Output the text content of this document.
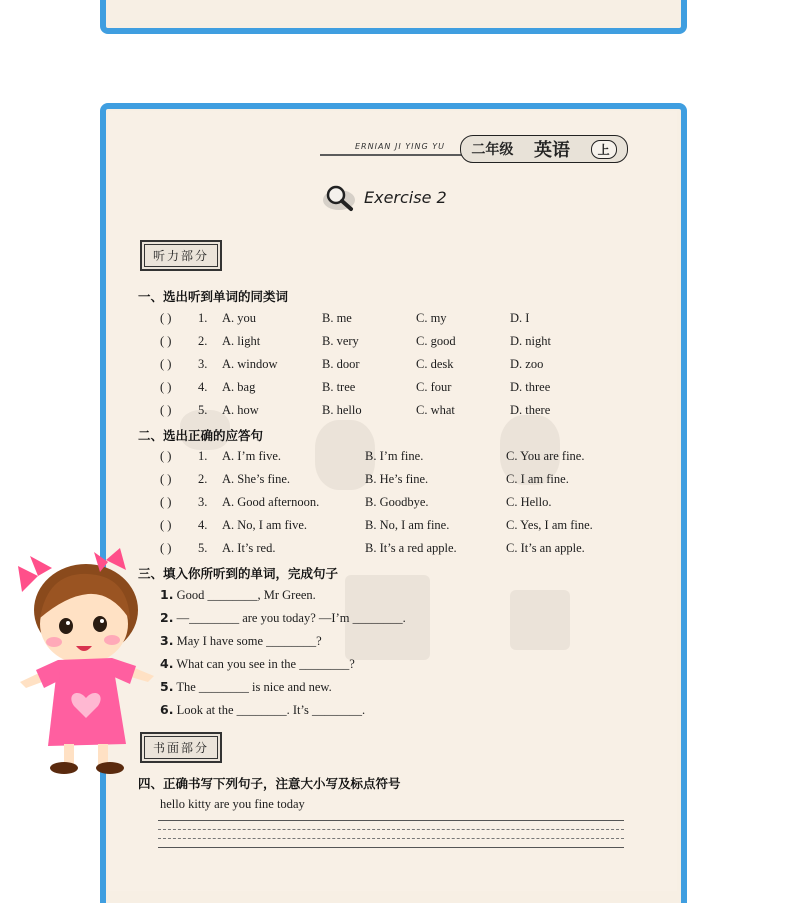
ERNIAN JI YING YU 二年级 英语	上
Exercise 2
听力部分
一、选出听到单词的同类词
( ) 1. A. you	B. me	C. my	D. I
( ) 2. A. light	B. very	C. good	D. night
( ) 3. A. window	B. door	C. desk	D. zoo
( ) 4. A. bag	B. tree	C. four	D. three
( ) 5. A. how	B. hello	C. what	D. there
二、选出正确的应答句
( ) 1. A. I’m five.	B. I’m fine.	C. You are fine.
( ) 2. A. She’s fine.	B. He’s fine.	C. I am fine.
( ) 3. A. Good afternoon.	B. Goodbye.	C. Hello.
( ) 4. A. No, I am five.	B. No, I am fine.	C. Yes, I am fine.
( ) 5. A. It’s red.	B. It’s a red apple.	C. It’s an apple.
三、填入你所听到的单词，完成句子
1. Good ________, Mr Green.
2. —________ are you today? —I’m ________.
3. May I have some ________?
4. What can you see in the ________?
5. The ________ is nice and new.
6. Look at the ________. It’s ________.
书面部分
四、正确书写下列句子，注意大小写及标点符号
hello kitty are you fine today
